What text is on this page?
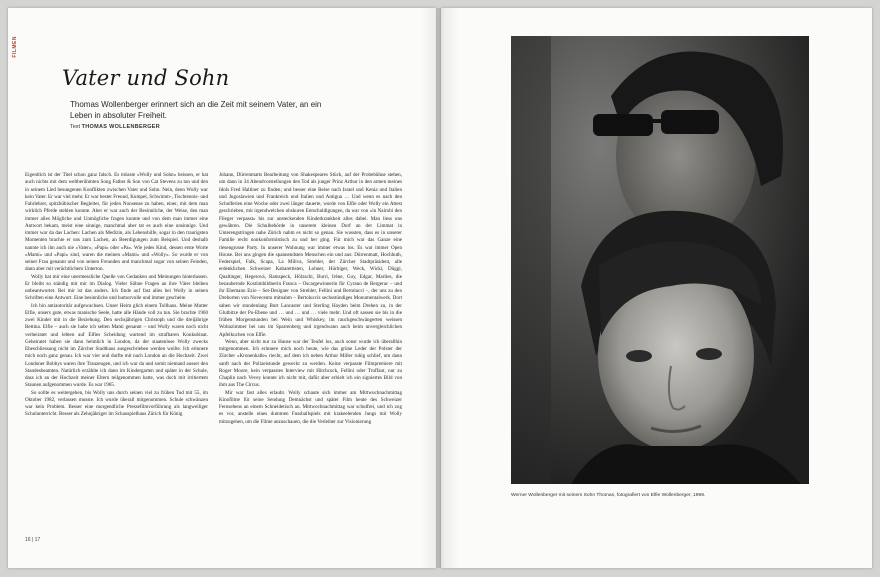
FILMEN
Vater und Sohn
Thomas Wollenberger erinnert sich an die Zeit mit seinem Vater, an ein Leben in absoluter Freiheit.
Text THOMAS WOLLENBERGER

Eigentlich ist der Titel schon ganz falsch. Es müsste «Wolly und Sohn» heissen, er hat auch nichts mit dem weltberühmten Song Father & Son von Cat Stevens zu tun und den in seinem Lied besungenen Konflikten zwischen Vater und Sohn. Nein, denn Wolly war kein Vater. Er war viel mehr. Er war bester Freund, Kumpel, Schwimm-, Tischtennis- und Fahrlehrer, spitzbübischer Begleiter, für jeden Nonsense zu haben, einer, mit dem man wirklich Pferde stehlen konnte. Aber er war auch der Besinnliche, der Weise, den man immer alles Mögliche und Unmögliche fragen konnte und von dem man immer eine Antwort bekam, meist eine sinnige, manchmal aber tat es auch eine unsinnige. Und immer war da das Lachen: Lachen als Medizin, als Lebenshilfe, sogar in den traurigsten Momenten brachte er uns zum Lachen, an Beerdigungen zum Beispiel. Und deshalb nannte ich ihn auch nie «Vater», «Papi» oder «Pa». Wie jedes Kind, dessen erste Worte «Mami» und «Papi» sind, waren die meinen «Mami» und «Wolly». So wurde er von seiner Frau genannt und von seinen Freunden und manchmal sogar von seinen Feinden, dann aber mit verächtlichem Unterton.

Wolly hat mir eine unermessliche Quelle von Gedanken und Meinungen hinterlassen. Er bleibt so ständig mit mir im Dialog. Vieler Söhne Fragen an ihre Väter bleiben unbeantwortet. Bei mir ist das anders. Ich finde auf fast alles bei Wolly in seinen Schriften eine Antwort. Eine besinnliche und humorvolle und immer gescheite.

Ich bin antiautoritär aufgewachsen. Unser Heim glich einem Tollhaus. Meine Mutter Elfie, unsers gute, etwas manische Seele, hatte alle Hände voll zu tun. Sie brachte 1960 zwei Kinder mit in die Beziehung. Den sechsjährigen Christoph und die dreijährige Bettina. Elfie – auch sie habe ich selten Mami genannt – und Wolly waren noch nicht verheiratet und lebten auf Elfies Scheidung wartend im strafbaren Konkubinat. Geheiratet haben sie dann heimlich in London, da der staatenlose Wolly zwecks Eheschliessung nicht im Zürcher Stadthaus ausgeschrieben werden wollte. Ich erinnere mich noch ganz genau. Ich war vier und durfte mit nach London an die Hochzeit. Zwei Londoner Bobbys waren ihre Trauzeugen, und ich war da und somit niemand ausser den Standesbeamten. Natürlich erzählte ich dann im Kindergarten und später in der Schule, dass ich an der Hochzeit meiner Eltern teilgenommen hatte, was doch mit irritiertem Staunen aufgenommen wurde. Es war 1965.

So sollte es weitergehen, bis Wolly uns durch seinen viel zu frühen Tod mit 55, im Oktober 1982, verlassen musste. Ich wurde überall mitgenommen. Schule schwänzen war kein Problem. Besser eine morgendliche Pressefilmvorführung als langweiliger Schulunterricht. Besser als Zehnjähriger im Schauspielhaus Zürich für König

Johann, Dürrenmatts Bearbeitung von Shakespeares Stück, auf der Probebühne stehen, um dann in 34 Abendvorstellungen den Tod als junger Prinz Arthur in den armen meines Idols Fred Haltiner zu finden; und besser eine Reise nach Israel und Kenia und Italien und Jugoslawien und Frankreich und Italien und Antigua … Und wenn es nach den Schulferien eine Woche oder zwei länger dauerte, wurde von Elfie oder Wolly ein Attest geschrieben, mit irgendwelchen obskuren Entschuldigungen, da war von «in Nairobi den Flieger verpasst» bis zur ansteckenden Kinderkrankheit alles dabei. Man liess uns gewähren. Die Schulbehörde in unserem kleinen Dorf an der Limmat in Unterengstringen nahe Zürich nahm es nicht so genau. Sie wussten, dass es in unserer Familie recht nonkonformistisch zu und her ging. Für mich war das Ganze eine riesengrosse Party. In unserer Wohnung war immer etwas los. Es war immer Open House. Bei uns gingen die spannendsten Menschen ein und aus: Dürrenmatt, Hochhuth, Federspiel, Falk, Scapa, La Miliva, Strebler, der Zürcher Stadtpräsident, alle erdenklichen Schweizer Kabarettisten, Lohner, Hürbiger, Weck, Wicki, Düggi, Qualtinger, Hegerová, Ramspeck, Hölzschi, Burri, Irène, Guy, Edgar, Marlies, die bezaubernde Kostümbildnerin Franca – Oscargewinnerin für Cyrano de Bergerac – und ihr Ehemann Ezio – Set-Designer von Strehler, Fellini und Bertolucci –, der uns zu den Drehorten von Novecento mitnahm – Bertoluccis sechsstündiges Monumentalwerk. Dort sahen wir stundenlang Burt Lancaster und Sterling Hayden beim Drehen zu, in der Glutbitze der Po-Ebene und … und … und … viele mehr. Und oft sassen sie bis in die frühen Morgenstunden bei Wein und Whiskey, im rauchgeschwängerten weissen Wohnzimmer bei uns im Sparrenberg und irgendwann auch beim unvergleichlichen Apfelkuchen von Elfie.

Wenn, aber nicht nur zu Hause war der Teufel los, auch sonst wurde ich überallhin mitgenommen. Ich erinnere mich noch heute, wie das grüne Leder der Polster der Zürcher «Kronenhalle» riecht, auf dem ich neben Arthur Miller ruhig schlief, um dann sanft nach der Polizeistunde geweckt zu werden. Keine verpasste Filmpremiere mit Roger Moore, kein verpasstes Interview mit Hitchcock, Fellini oder Truffaut, nur zu Chaplin nach Vevey konnte ich nicht mit, dafür aber erhielt ich ein signiertes Bild von ihm aus The Circus.

Mir war fast alles erlaubt. Wolly schaute sich immer am Mittwochnachmittag Kinofilme für seine Sendung Demnächst und später Film heute des Schweizer Fernsehens an einem Schneidetisch an. Mittwochnachmittag war schulfrei, und ich zog es vor, anstelle eines dummen Fussballspiels mit krakeelenden Jungs mit Wolly mitzugehen, um die Filme anzuschauen, die die Verleiher zur Visionierung

16 | 17
Werner Wollenberger mit seinem Sohn Thomas, fotografiert von Elfie Wollenberger, 1969.
